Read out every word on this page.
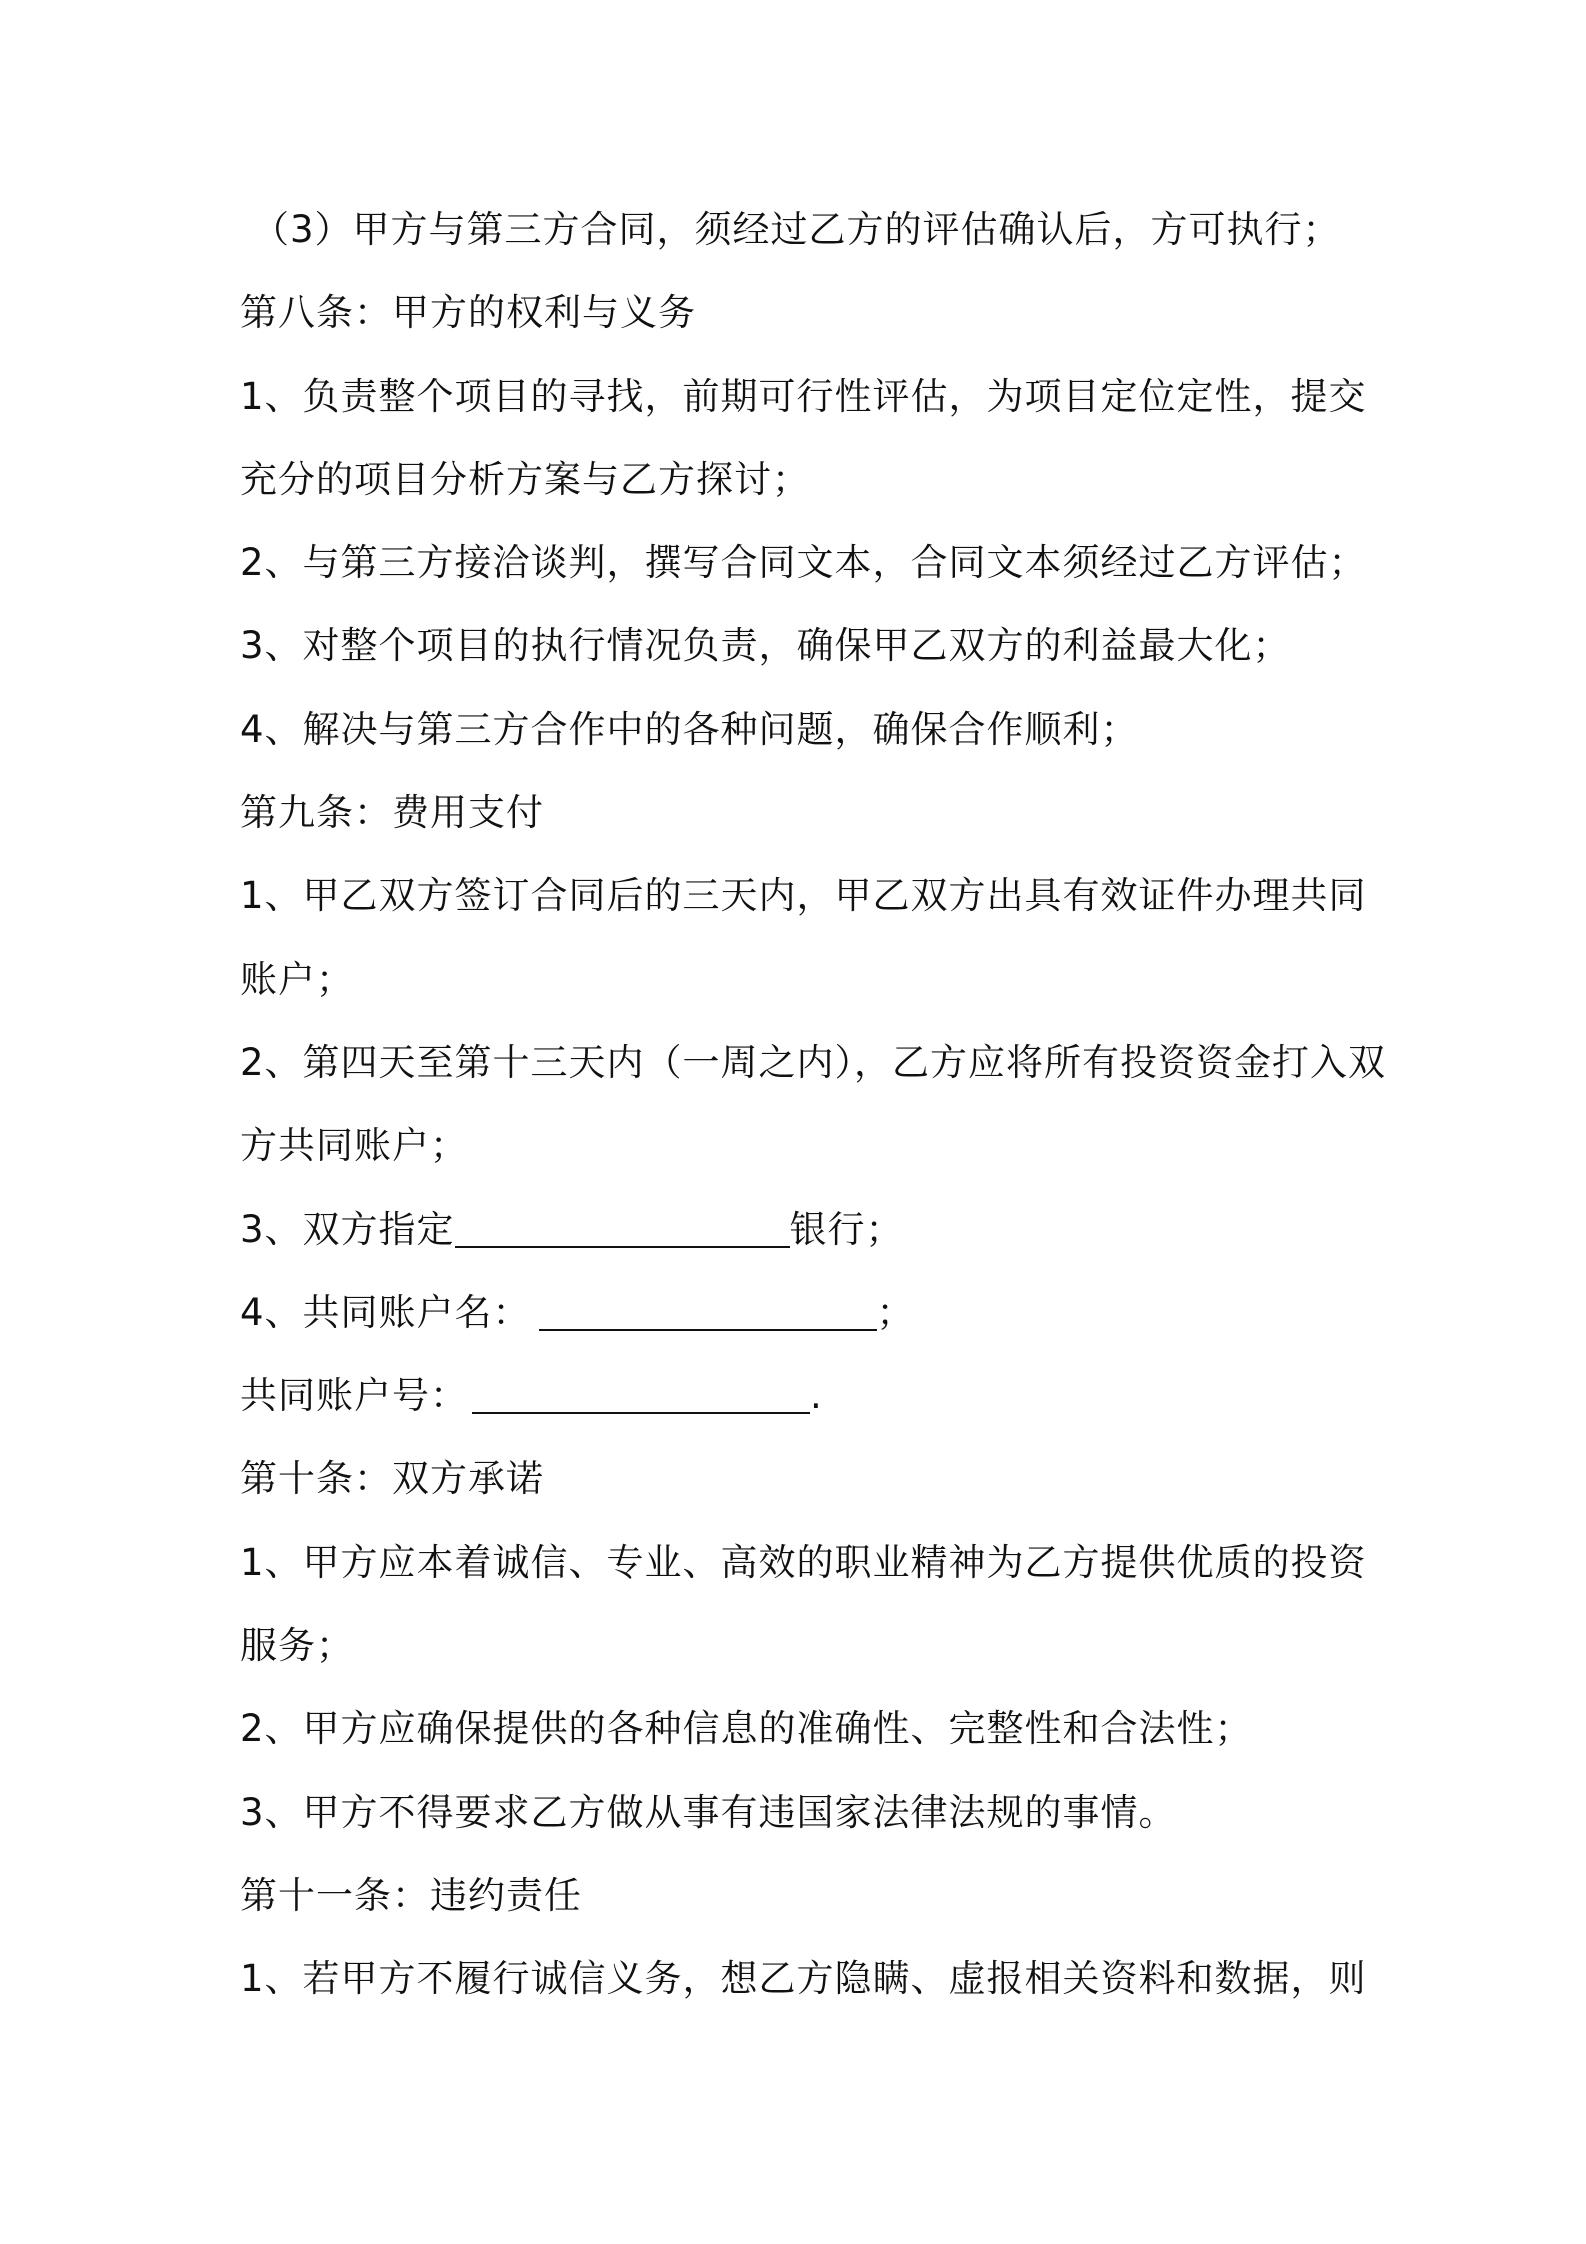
（3）甲方与第三方合同，须经过乙方的评估确认后，方可执行；
第八条：甲方的权利与义务
1、负责整个项目的寻找，前期可行性评估，为项目定位定性，提交
充分的项目分析方案与乙方探讨；
2、与第三方接洽谈判，撰写合同文本，合同文本须经过乙方评估；
3、对整个项目的执行情况负责，确保甲乙双方的利益最大化；
4、解决与第三方合作中的各种问题，确保合作顺利；
第九条：费用支付
1、甲乙双方签订合同后的三天内，甲乙双方出具有效证件办理共同
账户；
2、第四天至第十三天内（一周之内），乙方应将所有投资资金打入双
方共同账户；
3、双方指定	银行；
4、共同账户名：	；
共同账户号：	.
第十条：双方承诺
1、甲方应本着诚信、专业、高效的职业精神为乙方提供优质的投资
服务；
2、甲方应确保提供的各种信息的准确性、完整性和合法性；
3、甲方不得要求乙方做从事有违国家法律法规的事情。
第十一条：违约责任
1、若甲方不履行诚信义务，想乙方隐瞒、虚报相关资料和数据，则
